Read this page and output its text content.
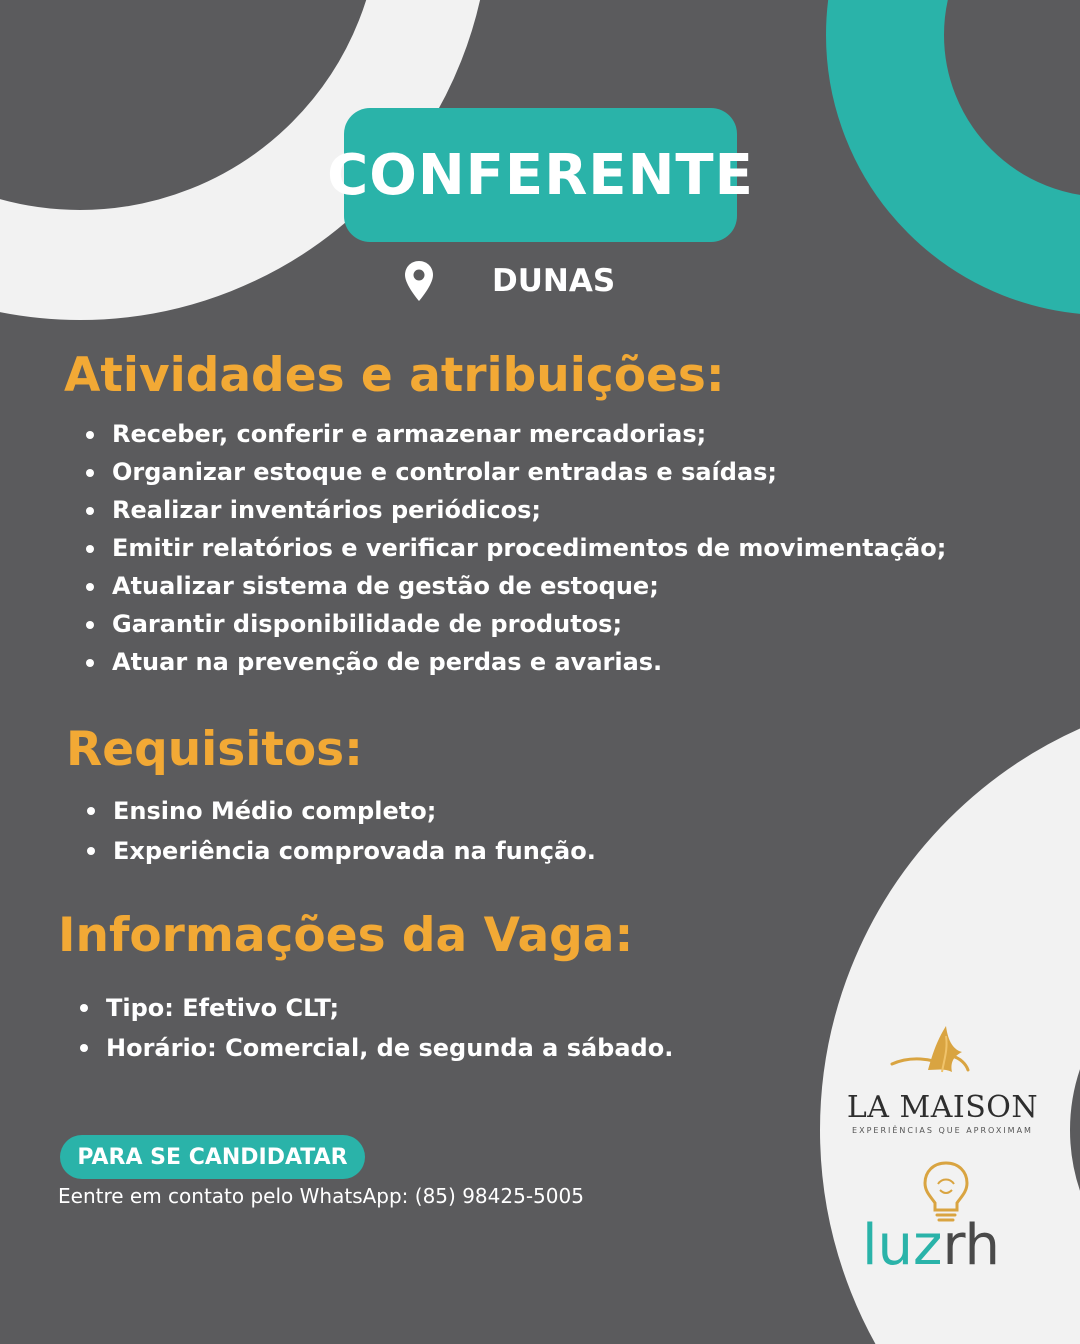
CONFERENTE
DUNAS
Atividades e atribuições:
Receber, conferir e armazenar mercadorias;
Organizar estoque e controlar entradas e saídas;
Realizar inventários periódicos;
Emitir relatórios e verificar procedimentos de movimentação;
Atualizar sistema de gestão de estoque;
Garantir disponibilidade de produtos;
Atuar na prevenção de perdas e avarias.
Requisitos:
Ensino Médio completo;
Experiência comprovada na função.
Informações da Vaga:
Tipo: Efetivo CLT;
Horário: Comercial, de segunda a sábado.
PARA SE CANDIDATAR
Eentre em contato pelo WhatsApp: (85) 98425-5005
LA MAISON
EXPERIÊNCIAS QUE APROXIMAM
luzrh
